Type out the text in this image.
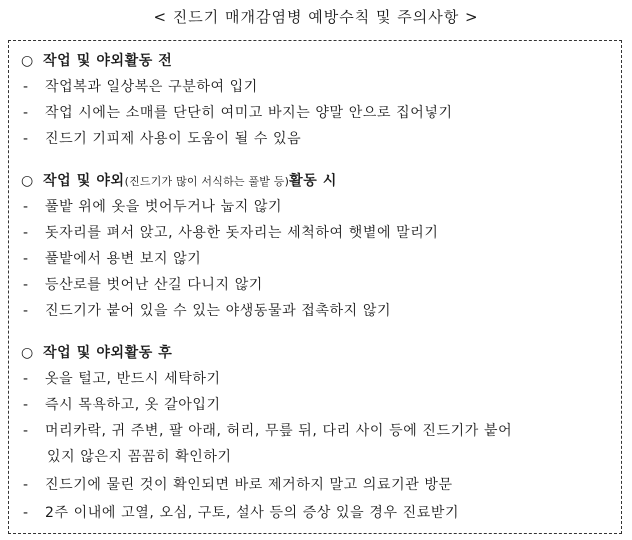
< 진드기 매개감염병 예방수칙 및 주의사항 >
○ 작업 및 야외활동 전
- 작업복과 일상복은 구분하여 입기
- 작업 시에는 소매를 단단히 여미고 바지는 양말 안으로 집어넣기
- 진드기 기피제 사용이 도움이 될 수 있음
○ 작업 및 야외(진드기가 많이 서식하는 풀밭 등)활동 시
- 풀밭 위에 옷을 벗어두거나 눕지 않기
- 돗자리를 펴서 앉고, 사용한 돗자리는 세척하여 햇볕에 말리기
- 풀밭에서 용변 보지 않기
- 등산로를 벗어난 산길 다니지 않기
- 진드기가 붙어 있을 수 있는 야생동물과 접촉하지 않기
○ 작업 및 야외활동 후
- 옷을 털고, 반드시 세탁하기
- 즉시 목욕하고, 옷 갈아입기
- 머리카락, 귀 주변, 팔 아래, 허리, 무릎 뒤, 다리 사이 등에 진드기가 붙어
있지 않은지 꼼꼼히 확인하기
- 진드기에 물린 것이 확인되면 바로 제거하지 말고 의료기관 방문
- 2주 이내에 고열, 오심, 구토, 설사 등의 증상 있을 경우 진료받기
